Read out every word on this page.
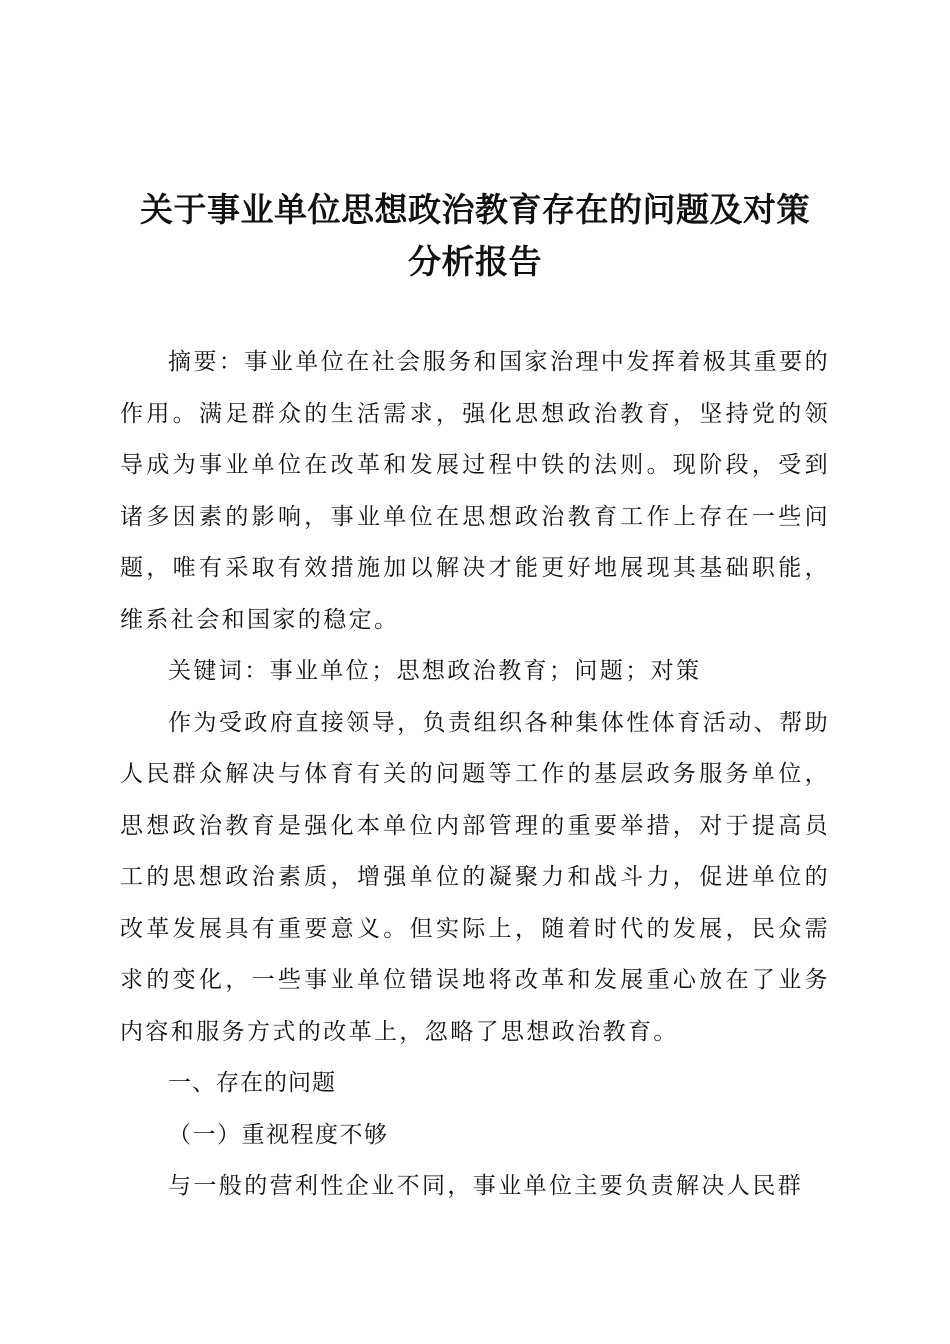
关于事业单位思想政治教育存在的问题及对策
分析报告

摘要：事业单位在社会服务和国家治理中发挥着极其重要的作用。满足群众的生活需求，强化思想政治教育，坚持党的领导成为事业单位在改革和发展过程中铁的法则。现阶段，受到诸多因素的影响，事业单位在思想政治教育工作上存在一些问题，唯有采取有效措施加以解决才能更好地展现其基础职能，维系社会和国家的稳定。

关键词：事业单位；思想政治教育；问题；对策

作为受政府直接领导，负责组织各种集体性体育活动、帮助人民群众解决与体育有关的问题等工作的基层政务服务单位，思想政治教育是强化本单位内部管理的重要举措，对于提高员工的思想政治素质，增强单位的凝聚力和战斗力，促进单位的改革发展具有重要意义。但实际上，随着时代的发展，民众需求的变化，一些事业单位错误地将改革和发展重心放在了业务内容和服务方式的改革上，忽略了思想政治教育。

一、存在的问题

（一）重视程度不够

与一般的营利性企业不同，事业单位主要负责解决人民群
